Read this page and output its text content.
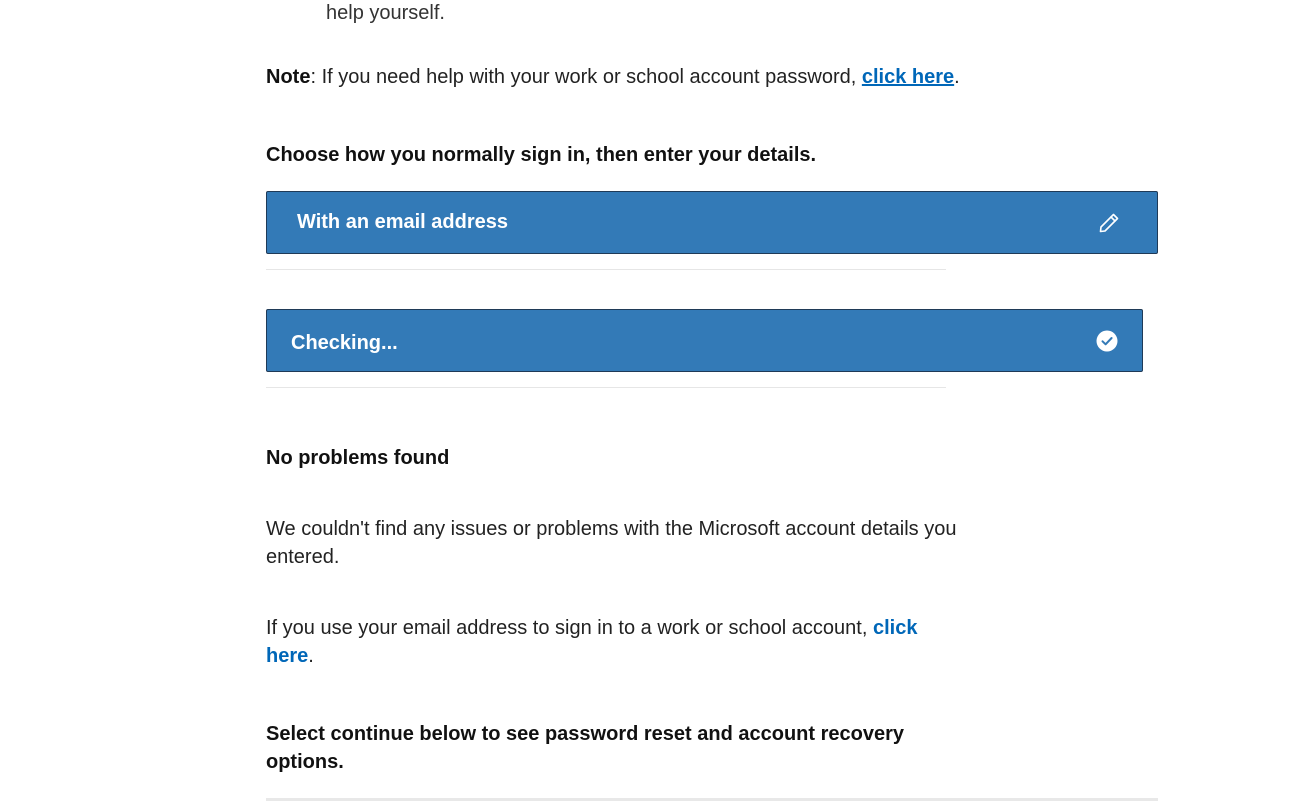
help yourself.
Note: If you need help with your work or school account password, click here.
Choose how you normally sign in, then enter your details.
With an email address
Checking...
No problems found
We couldn't find any issues or problems with the Microsoft account details you entered.
If you use your email address to sign in to a work or school account, click here.
Select continue below to see password reset and account recovery options.
